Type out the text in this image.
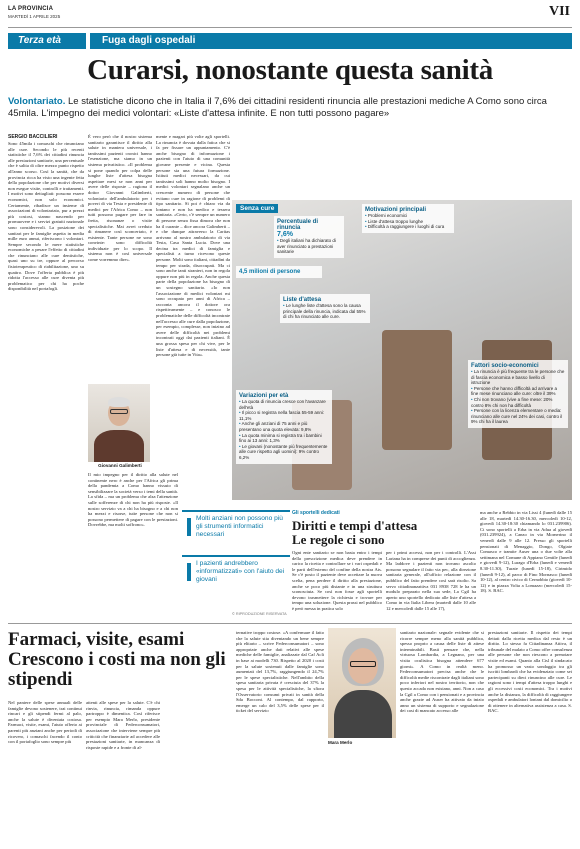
LA PROVINCIA
MARTEDÌ 1 APRILE 2025	VII
Terza età	Fuga dagli ospedali
Curarsi, nonostante questa sanità
Volontariato. Le statistiche dicono che in Italia il 7,6% dei cittadini residenti rinuncia alle prestazioni mediche A Como sono circa 45mila. L'impegno dei medici volontari: «Liste d'attesa infinite. E non tutti possono pagare»
SERGIO BACCILIERI
Sono 45mila i comaschi che rinunciano alle cure. Secondo le più recenti statistiche il 7,6% dei cittadini rinuncia alle prestazioni sanitarie, una percentuale che è salita di oltre mezzo punto rispetto all'anno scorso. Così la sanità, che da provincia ricca ha visto una ingente fetta della popolazione che per motivi diversi non esegue visite, controlli e trattamenti. I motivi sono dettagliati: possono essere economici, non solo economici. Certamente, ribadisce un insieme di associazioni di volontariato, pur a prezzi più costosi, stanno nascendo per promuovere e i servizi gratuiti nazionale sono considerevoli. La posizione dei sanitari per le famiglie aspetta in media mille euro annui, riferiscono i volontari. Sempre secondo le mere statistiche economiche a pesare l'effetto di cittadini che rinunciano alle cure dentistiche, quasi uno su tre, oppure al percorso fisioterapeutico di riabilitazione, uno su quattro. Dove l'offerta pubblica è più ridotta l'accesso alle cure diventa più problematico per chi ha poche disponibilità nel portafogli.
È vero però che il nostro sistema sanitario garantisce il diritto alla salute in maniera universale, i tantissimi pazienti cronici hanno l'esenzione, ma siamo in un sistema privatistico. «Il problema si pone quando per colpa delle lunghe liste d'attesa bisogna aspettare mesi se non anni per avere delle risposte – ragiona il dottor Giovanni Galimberti, volontario dell'ambulatorio per i poveri di via Testa e presidente di medici per l'Africa Como – non tutti possono pagare per fare in fretta, risonanze o visite specialistiche. Mai avrei creduto di rimanere così sconcertato, è esistente. Tante persone ne sono convinte: sono difficoltà individuate per lo scopo. Il sistema non è così universale come vorremmo dire».
Giovanni Galimberti
Il mio impegno per il diritto alla salute nel continente nero è anche per l'Africa gli prima della pandemia a Como hanno vissuto di sensibilizzare la società verso i temi della sanità. La sfida – ma un problema che alza l'attenzione sulle sofferenze di chi non ha più risposte. «Il nostro servizio va a chi ha bisogno e a chi non ha mezzi e risorse, tutte persone che non si possono permettere di pagare con le prestazioni. Dovrebbe, ma molti soffrono».
mente e magari più volte agli sportelli. La rinuncia è dovuta dalla fatica che si fa per fissare un appuntamento. C'è anche bisogno di informazione i pazienti con l'aiuto di una comunità giovane presente e vicina. Questa persone sia una futura formazione. Istituti medici necessari, da cui tantissimi soli hanno molto bisogno. I medici volontari segnalano anche un crescente numero di persone che evitano cure in ragione di problemi di tipo sanitario. Sì poi è chiaro via da lontano e non ha medico e tessera sanitaria. «Certo, c'è sempre un numero di persone senza fissa dimora che non ha il curante – dice ancora Galimberti – e che dunque attraverso la Caritas arrivano al nostro ambulatorio di via Testa, Casa Santa Lucia. Dove una decina tra medici di famiglia e specialisti a turno ricevono queste persone. Molti sono italiani, cittadini da tempo per strada, disoccupati. Ma ci sono anche tanti stranieri, non in regola oppure non più in regola. Anche questa parte della popolazione ha bisogno di un sostegno sanitario. «Io non l'associazione di medici volontari mi sono occupato per anni di Africa – racconta ancora il dottore ora rispettivamente – e conosco le problematiche delle difficoltà incontrate nell'accesso alle cure dalla popolazione, per esempio, complesse, non inizino ad avere delle difficoltà nei problemi incontrati oggi dai pazienti italiani. È una grossa spesa per chi vive, per le liste d'attesa e di necessità, tante persone già tutte in Vita».
Molti anziani non possono più gli strumenti informatici necessari
I pazienti andrebbero «informatizzati» con l'aiuto dei giovani
© RIPRODUZIONE RISERVATA
Senza cure
Percentuale di rinuncia
7,6%
• Degli italiani ha dichiarato di aver rinunciato a prestazioni sanitarie
4,5 milioni di persone
Motivazioni principali
• Problemi economici
• Liste d'attesa troppo lunghe
• Difficoltà a raggiungere i luoghi di cura
Liste d'attesa
• Le lunghe liste d'attesa sono la causa principale della rinuncia, indicata dal 55% di chi ha rinunciato alle cure.
Variazioni per età
• La quota di rinuncia cresce con l'avanzare dell'età
• Il picco si registra nella fascia 55-59 anni: 11,1%
• Anche gli anziani di 75 anni e più presentano una quota elevata: 9,8%
• La quota minima si registra tra i bambini fino ai 13 anni: 1,3%
• Le giovani (nonostante più frequentemente alle cure rispetto agli uomini): 9% contro 6,2%
Fattori socio-economici
• La rinuncia è più frequente tra le persone che di fascia economica e basso livello di istruzione
• Persone che hanno difficoltà ad arrivare a fine mese rinunciano alle cure: oltre il 39%
• Chi non trovano (vive a fine mese: 20% contro 8% chi non ha difficoltà
• Persone con la licenza elementare o media: rinunciano alle cure nel 24% dei casi, contro il 9% chi ha il laurea
Gli sportelli dedicati
Diritti e tempi d'attesa
Le regole ci sono
Ogni ente sanitario se non basta entro i tempi della prescrizione medica deve prendere in carico la ricetta e controllare se i vari ospedali e le parti dell'esterno del confine della nostra Ats. Se c'è posto il paziente deve accettare la nuova scelta, pena perdere il diritto alla prestazione, anche se poco più distante e in una struttura sconosciuta. Se così non fosse agli sportelli devono trasmettere la richiesta e trovare per tempo una soluzione. Questa prassi nel pubblico è però messa in pratica solo
per i primi accessi, non per i controlli. L'Asst Lariana ha in comprese dei punti di accoglienza. Ma laddove i pazienti non trovano ascolto possono segnalare il fatto via pec, alla direzione sanitaria generale, all'ufficio relazione con il pubblico del fatto prendere così sarà risolto. Sa servo cittadinanzattiva 031 8938 728 le ha un modulo preparato nella sua sede, La Cgil ha aperto uno sportello dedicato alle liste d'attesa a Como in via Italia Libera (martedì dalle 10 alle 12 e mercoledì dalle 15 alle 17),
ma anche a Rebbio in via Lissi 4 (lunedì dalle 15 alle 18, martedì 14.30-16.30, mercoledì 10-12, giovedì 14.30-18:30 chiamando lo 031.239906). Ci sono sportelli a Erba in via Adua al giovedì (031.239924), a Canzo in via Mornerino il venerdì dalle 9 alle 12. Presso gli sportelli pensionati di Menaggio, Dongo, Olgiate Comasco e tramite Auser una o due volte alla settimana nel Comune di Appiano Gentile (lunedì e giovedì 9-12), Lurago d'Erba (lunedì e venerdì 8.30-11.30), Turate (lunedì 15-18), Cirimido (lunedì 9-12), al parco di Fino Mornasco (lunedì 10-12), al centro civico di Cernobbio (giovedì 10-12) e in piazza Volta a Lomazzo (mercoledì 15-18). S. BAC.
Farmaci, visite, esami Crescono i costi ma non gli stipendi
Nel paniere delle spese annuali delle famiglie devono sostenere, trai continui rincari e gli stipendi fermi al palo, anche la salute è diventata costosa. Farmaci, visite, esami, l'aiuto offerto ai parenti più anziani anche per periodi di ricovero, i comaschi facendo il conto con il portafoglio sono sempre più
attenti alle spese per la salute. C'è chi rinvia, rinuncia, rimanda oppure partroppo è dimentica. Così riferisce per esempio Mara Merlo, presidente provinciale di Federconsumatori, associazione che interviene sempre più criticità che finanziarie ad accedere alle prestazioni sanitarie, in mancanza di risposte rapide e a fronte di al-
ternative troppo costose. «A confermare il fatto che la salute stia diventando un bene sempre più elitario – scrive Federconsumatori – sono appropriate anche dati relativi alle spese mediche delle famiglie, analizzate dal Caf Acli in base ai modelli 730. Rispetto al 2020 i costi per la salute sostenuti dalle famiglie sono aumentati del 13,7%, raggiungendo il 24,7% per le spese specialistiche. Nell'ambito della spesa sanitaria privata è cresciuta del 37% la spesa per le attività specialistiche, la sfiora l'Osservatorio consumi privati in sanità della Sda Bocconi. Al contempo, dal rapporto, emerge un calo del 3,5% delle spese per il ticket del servizio
Mara Merlo
sanitario nazionale: segnale evidente che si ricorre sempre meno alla sanità pubblica, spesso proprio a causa delle liste di attese interminabili. Basti pensare che, nella virtuosa Lombardia, a Legnano, per una visita oculistica bisogna attendere 677 giorni». A Como in realtà meno. Federconsumatori precisa anche che le difficoltà medie riscontrate dagli italiani sono poco inferiori nel nostro territorio, non che questo accada non esistano, anni. Non a caso la Cgil a Como con i pensionati e a provincia anche grazie ad Auser ha attivato da inizio anno un sistema di supporto e segnalazione dei casi di mancato accesso alle
prestazioni sanitarie. Il rispetto dei tempi dettati dalla ricetta medica dal resto è un diritto. Lo stesso fa Cittadinanza Attiva, il tribunale del malato a Como offre consulenza alle persone che non riescono a prenotare visite ed esami. Quanto alla Cisl il sindacato ha promosso un vasto sondaggio tra gli iscritti lombardi che ha evidenziato come sei partecipanti su dieci rinuncino alle cure. Le ragioni sono i tempi d'attesa troppo lunghi e gli eccessivi costi economici. Tra i motivi anche la distanza, la difficoltà di raggiungere ospedali e ambulatori lontani dal domicilio o di ottenere in alternativa assistenza a casa. S. BAC.
